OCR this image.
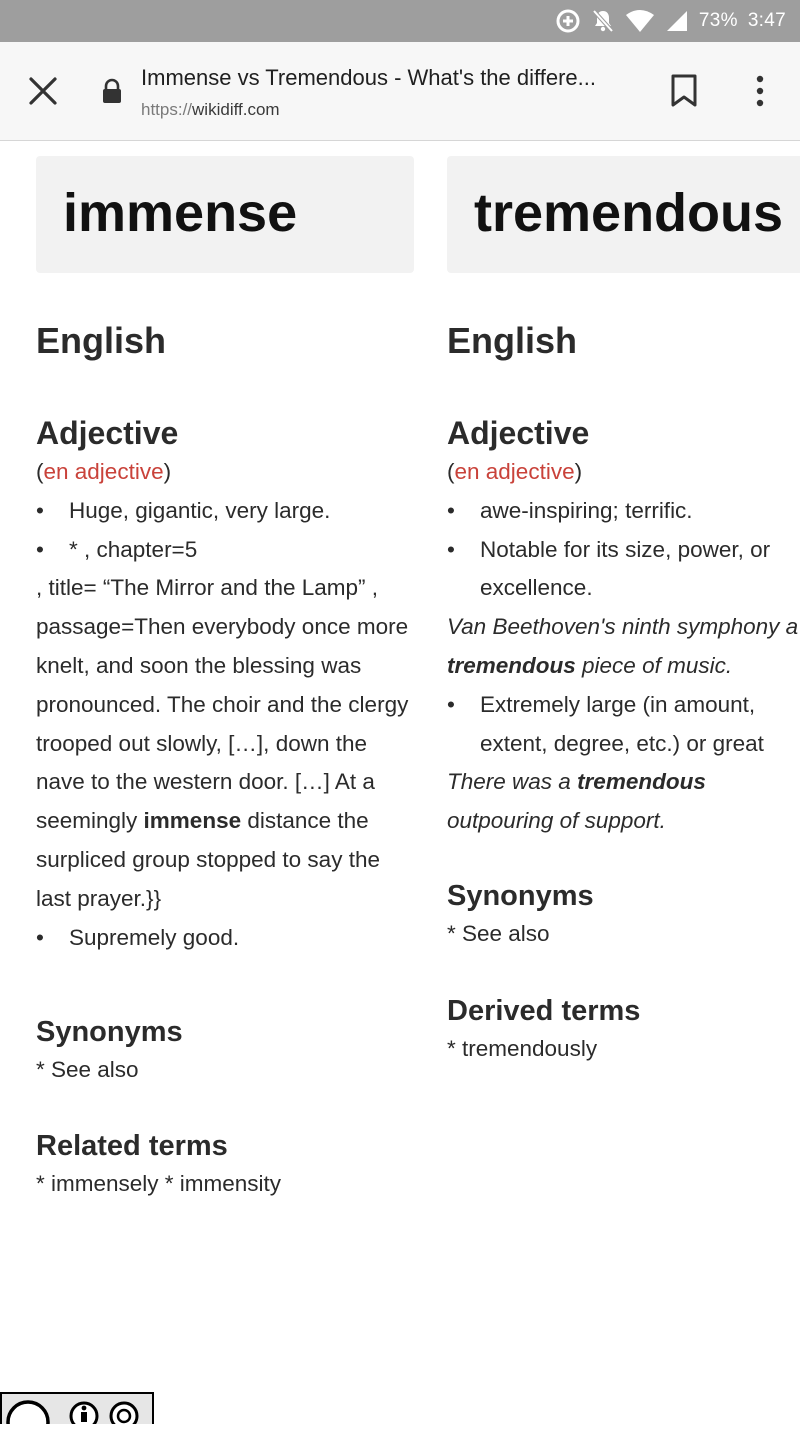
73% 3:47
Immense vs Tremendous - What's the differe...
https://wikidiff.com
immense
English
Adjective
(en adjective)
• Huge, gigantic, very large.
• * , chapter=5
, title= “The Mirror and the Lamp” , passage=Then everybody once more knelt, and soon the blessing was pronounced. The choir and the clergy trooped out slowly, […], down the nave to the western door. […] At a seemingly immense distance the surpliced group stopped to say the last prayer.}}
• Supremely good.
Synonyms
* See also
Related terms
* immensely * immensity
tremendous
English
Adjective
(en adjective)
• awe-inspiring; terrific.
• Notable for its size, power, or excellence.
Van Beethoven's ninth symphony a tremendous piece of music.
• Extremely large (in amount, extent, degree, etc.) or great
There was a tremendous outpouring of support.
Synonyms
* See also
Derived terms
* tremendously
